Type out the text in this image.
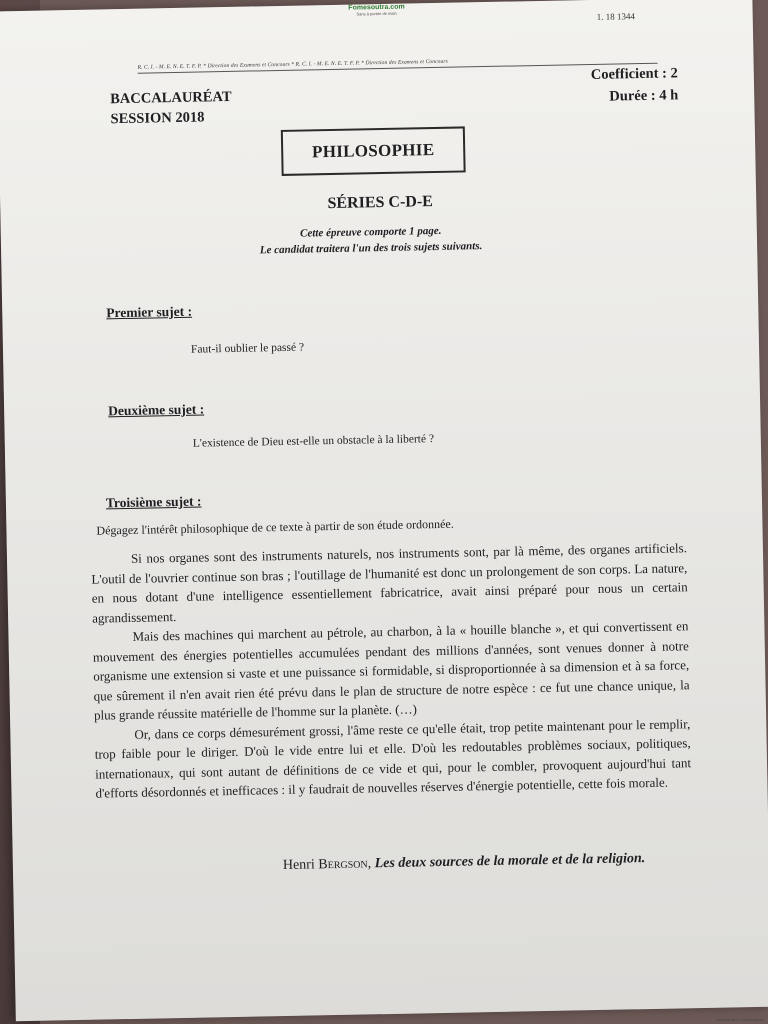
Fomesoutra.com
Sans à portée de main	1. 18 1344
R. C. I. - M. E. N. E. T. F. P. * Direction des Examens et Concours * R. C. I. - M. E. N. E. T. F. P. * Direction des Examens et Concours
BACCALAURÉAT
SESSION 2018
Coefficient : 2
Durée : 4 h
PHILOSOPHIE
SÉRIES C-D-E
Cette épreuve comporte 1 page.
Le candidat traitera l'un des trois sujets suivants.
Premier sujet :
Faut-il oublier le passé ?
Deuxième sujet :
L'existence de Dieu est-elle un obstacle à la liberté ?
Troisième sujet :
Dégagez l'intérêt philosophique de ce texte à partir de son étude ordonnée.

Si nos organes sont des instruments naturels, nos instruments sont, par là même, des organes artificiels. L'outil de l'ouvrier continue son bras ; l'outillage de l'humanité est donc un prolongement de son corps. La nature, en nous dotant d'une intelligence essentiellement fabricatrice, avait ainsi préparé pour nous un certain agrandissement.

Mais des machines qui marchent au pétrole, au charbon, à la « houille blanche », et qui convertissent en mouvement des énergies potentielles accumulées pendant des millions d'années, sont venues donner à notre organisme une extension si vaste et une puissance si formidable, si disproportionnée à sa dimension et à sa force, que sûrement il n'en avait rien été prévu dans le plan de structure de notre espèce : ce fut une chance unique, la plus grande réussite matérielle de l'homme sur la planète. (…)

Or, dans ce corps démesurément grossi, l'âme reste ce qu'elle était, trop petite maintenant pour le remplir, trop faible pour le diriger. D'où le vide entre lui et elle. D'où les redoutables problèmes sociaux, politiques, internationaux, qui sont autant de définitions de ce vide et qui, pour le combler, provoquent aujourd'hui tant d'efforts désordonnés et inefficaces : il y faudrait de nouvelles réserves d'énergie potentielle, cette fois morale.

Henri Bergson, Les deux sources de la morale et de la religion.
Scanné avec CamScanner
